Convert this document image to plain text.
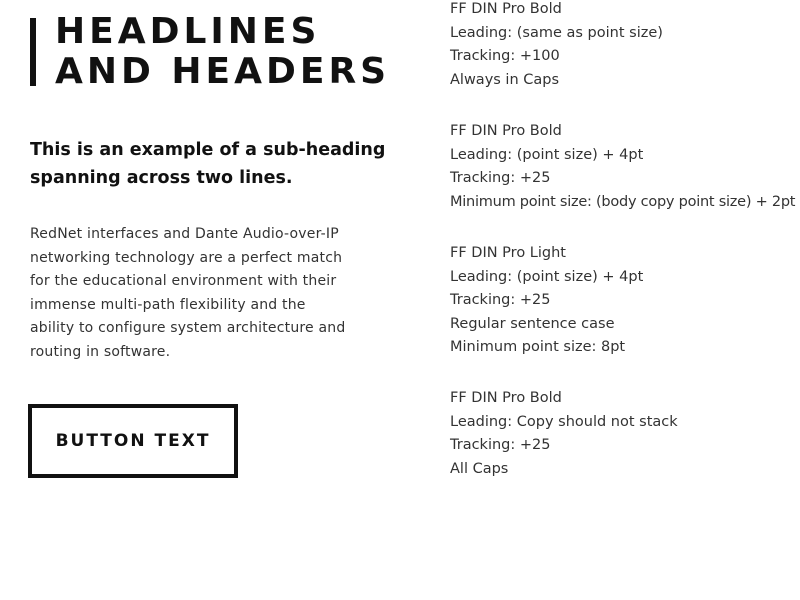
HEADLINES
AND HEADERS
This is an example of a sub-heading
spanning across two lines.

RedNet interfaces and Dante Audio-over-IP
networking technology are a perfect match
for the educational environment with their
immense multi-path flexibility and the
ability to configure system architecture and
routing in software.

BUTTON TEXT
FF DIN Pro Bold
Leading: (same as point size)
Tracking: +100
Always in Caps
FF DIN Pro Bold
Leading: (point size) + 4pt
Tracking: +25
Minimum point size: (body copy point size) + 2pt
FF DIN Pro Light
Leading: (point size) + 4pt
Tracking: +25
Regular sentence case
Minimum point size: 8pt
FF DIN Pro Bold
Leading: Copy should not stack
Tracking: +25
All Caps
